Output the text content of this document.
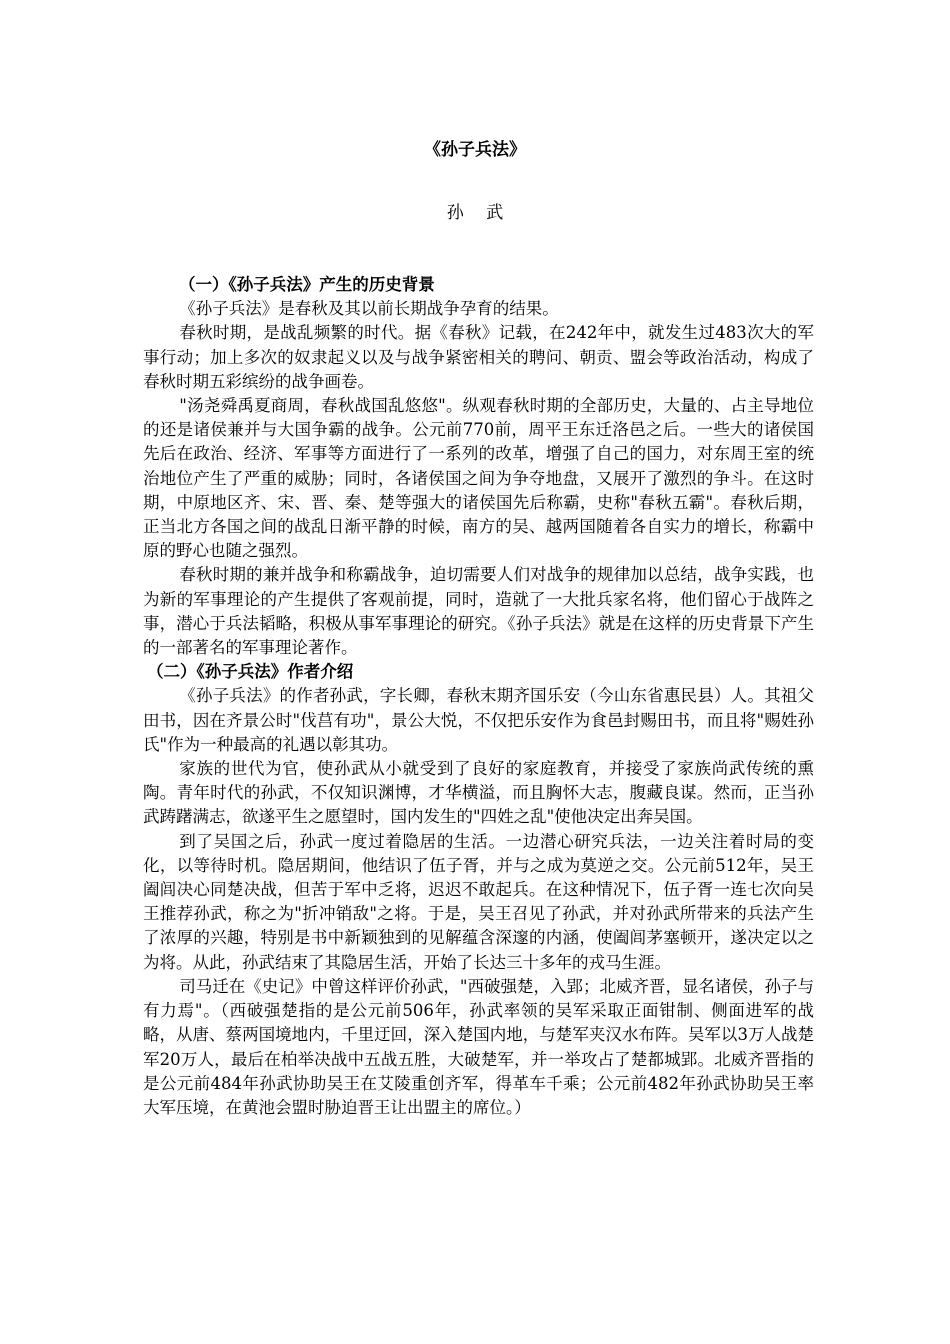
《孙子兵法》
孙 武

（一）《孙子兵法》产生的历史背景

《孙子兵法》是春秋及其以前长期战争孕育的结果。

春秋时期，是战乱频繁的时代。据《春秋》记载，在242年中，就发生过483次大的军事行动；加上多次的奴隶起义以及与战争紧密相关的聘问、朝贡、盟会等政治活动，构成了春秋时期五彩缤纷的战争画卷。

"汤尧舜禹夏商周，春秋战国乱悠悠"。纵观春秋时期的全部历史，大量的、占主导地位的还是诸侯兼并与大国争霸的战争。公元前770前，周平王东迁洛邑之后。一些大的诸侯国先后在政治、经济、军事等方面进行了一系列的改革，增强了自己的国力，对东周王室的统治地位产生了严重的威胁；同时，各诸侯国之间为争夺地盘，又展开了激烈的争斗。在这时期，中原地区齐、宋、晋、秦、楚等强大的诸侯国先后称霸，史称"春秋五霸"。春秋后期，正当北方各国之间的战乱日渐平静的时候，南方的吴、越两国随着各自实力的增长，称霸中原的野心也随之强烈。

春秋时期的兼并战争和称霸战争，迫切需要人们对战争的规律加以总结，战争实践，也为新的军事理论的产生提供了客观前提，同时，造就了一大批兵家名将，他们留心于战阵之事，潜心于兵法韬略，积极从事军事理论的研究。《孙子兵法》就是在这样的历史背景下产生的一部著名的军事理论著作。

（二）《孙子兵法》作者介绍

《孙子兵法》的作者孙武，字长卿，春秋末期齐国乐安（今山东省惠民县）人。其祖父田书，因在齐景公时"伐莒有功"，景公大悦，不仅把乐安作为食邑封赐田书，而且将"赐姓孙氏"作为一种最高的礼遇以彰其功。

家族的世代为官，使孙武从小就受到了良好的家庭教育，并接受了家族尚武传统的熏陶。青年时代的孙武，不仅知识渊博，才华横溢，而且胸怀大志，腹藏良谋。然而，正当孙武踌躇满志，欲遂平生之愿望时，国内发生的"四姓之乱"使他决定出奔吴国。

到了吴国之后，孙武一度过着隐居的生活。一边潜心研究兵法，一边关注着时局的变化，以等待时机。隐居期间，他结识了伍子胥，并与之成为莫逆之交。公元前512年，吴王阖闾决心同楚决战，但苦于军中乏将，迟迟不敢起兵。在这种情况下，伍子胥一连七次向吴王推荐孙武，称之为"折冲销敌"之将。于是，吴王召见了孙武，并对孙武所带来的兵法产生了浓厚的兴趣，特别是书中新颖独到的见解蕴含深邃的内涵，使阖闾茅塞顿开，遂决定以之为将。从此，孙武结束了其隐居生活，开始了长达三十多年的戎马生涯。

司马迁在《史记》中曾这样评价孙武，"西破强楚，入郢；北威齐晋，显名诸侯，孙子与有力焉"。（西破强楚指的是公元前506年，孙武率领的吴军采取正面钳制、侧面进军的战略，从唐、蔡两国境地内，千里迂回，深入楚国内地，与楚军夹汉水布阵。吴军以3万人战楚军20万人，最后在柏举决战中五战五胜，大破楚军，并一举攻占了楚都城郢。北威齐晋指的是公元前484年孙武协助吴王在艾陵重创齐军，得革车千乘；公元前482年孙武协助吴王率大军压境，在黄池会盟时胁迫晋王让出盟主的席位。）
